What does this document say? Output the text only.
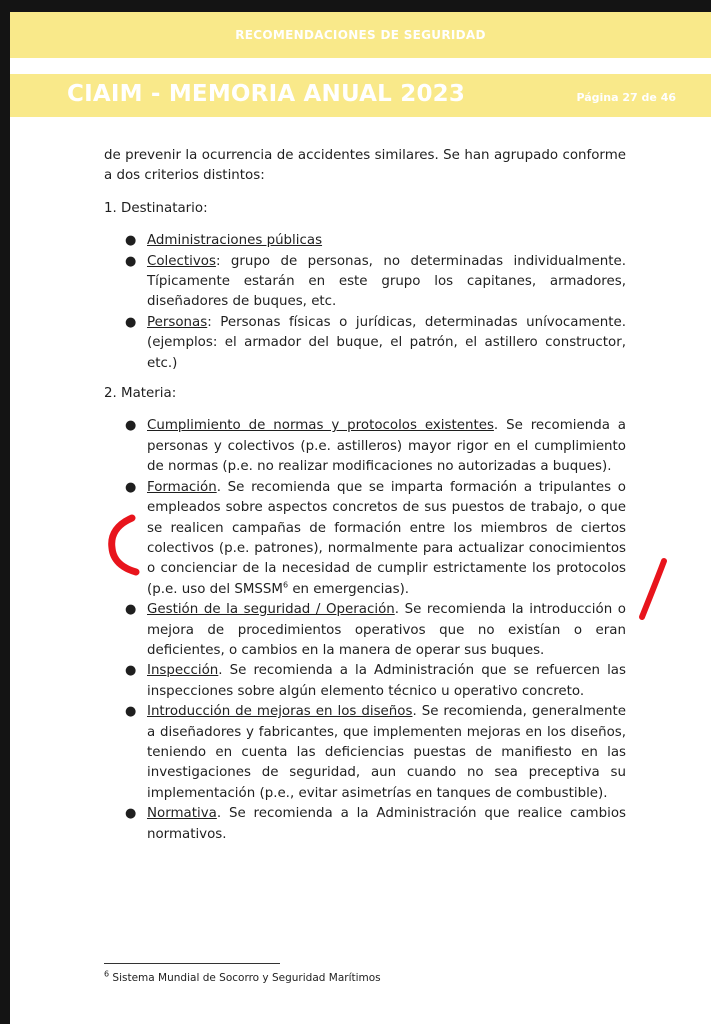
RECOMENDACIONES DE SEGURIDAD
CIAIM - MEMORIA ANUAL 2023	Página 27 de 46

de prevenir la ocurrencia de accidentes similares. Se han agrupado conforme a dos criterios distintos:

1. Destinatario:

● Administraciones públicas
● Colectivos: grupo de personas, no determinadas individualmente. Típicamente estarán en este grupo los capitanes, armadores, diseñadores de buques, etc.
● Personas: Personas físicas o jurídicas, determinadas unívocamente. (ejemplos: el armador del buque, el patrón, el astillero constructor, etc.)

2. Materia:

● Cumplimiento de normas y protocolos existentes. Se recomienda a personas y colectivos (p.e. astilleros) mayor rigor en el cumplimiento de normas (p.e. no realizar modificaciones no autorizadas a buques).
● Formación. Se recomienda que se imparta formación a tripulantes o empleados sobre aspectos concretos de sus puestos de trabajo, o que se realicen campañas de formación entre los miembros de ciertos colectivos (p.e. patrones), normalmente para actualizar conocimientos o concienciar de la necesidad de cumplir estrictamente los protocolos (p.e. uso del SMSSM$^6$ en emergencias).
● Gestión de la seguridad / Operación. Se recomienda la introducción o mejora de procedimientos operativos que no existían o eran deficientes, o cambios en la manera de operar sus buques.
● Inspección. Se recomienda a la Administración que se refuercen las inspecciones sobre algún elemento técnico u operativo concreto.
● Introducción de mejoras en los diseños. Se recomienda, generalmente a diseñadores y fabricantes, que implementen mejoras en los diseños, teniendo en cuenta las deficiencias puestas de manifiesto en las investigaciones de seguridad, aun cuando no sea preceptiva su implementación (p.e., evitar asimetrías en tanques de combustible).
● Normativa. Se recomienda a la Administración que realice cambios normativos.
$^6$ Sistema Mundial de Socorro y Seguridad Marítimos
